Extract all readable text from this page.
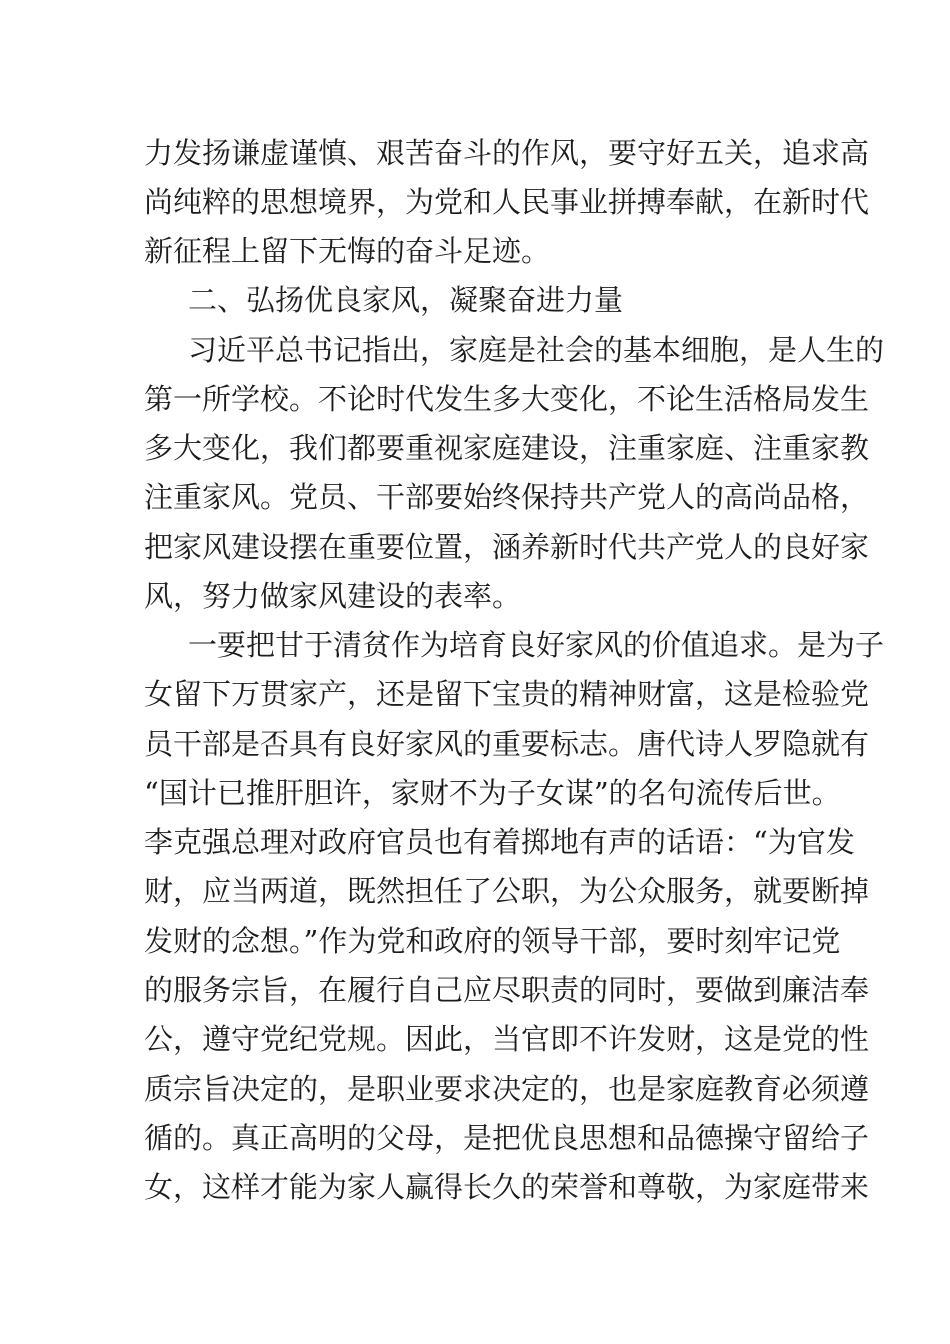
力发扬谦虚谨慎、艰苦奋斗的作风，要守好五关，追求高
尚纯粹的思想境界，为党和人民事业拼搏奉献，在新时代
新征程上留下无悔的奋斗足迹。
二、弘扬优良家风，凝聚奋进力量
习近平总书记指出，家庭是社会的基本细胞，是人生的
第一所学校。不论时代发生多大变化，不论生活格局发生
多大变化，我们都要重视家庭建设，注重家庭、注重家教
注重家风。党员、干部要始终保持共产党人的高尚品格，
把家风建设摆在重要位置，涵养新时代共产党人的良好家
风，努力做家风建设的表率。
一要把甘于清贫作为培育良好家风的价值追求。是为子
女留下万贯家产，还是留下宝贵的精神财富，这是检验党
员干部是否具有良好家风的重要标志。唐代诗人罗隐就有
“国计已推肝胆许，家财不为子女谋”的名句流传后世。
李克强总理对政府官员也有着掷地有声的话语：“为官发
财，应当两道，既然担任了公职，为公众服务，就要断掉
发财的念想。”作为党和政府的领导干部，要时刻牢记党
的服务宗旨，在履行自己应尽职责的同时，要做到廉洁奉
公，遵守党纪党规。因此，当官即不许发财，这是党的性
质宗旨决定的，是职业要求决定的，也是家庭教育必须遵
循的。真正高明的父母，是把优良思想和品德操守留给子
女，这样才能为家人赢得长久的荣誉和尊敬，为家庭带来
